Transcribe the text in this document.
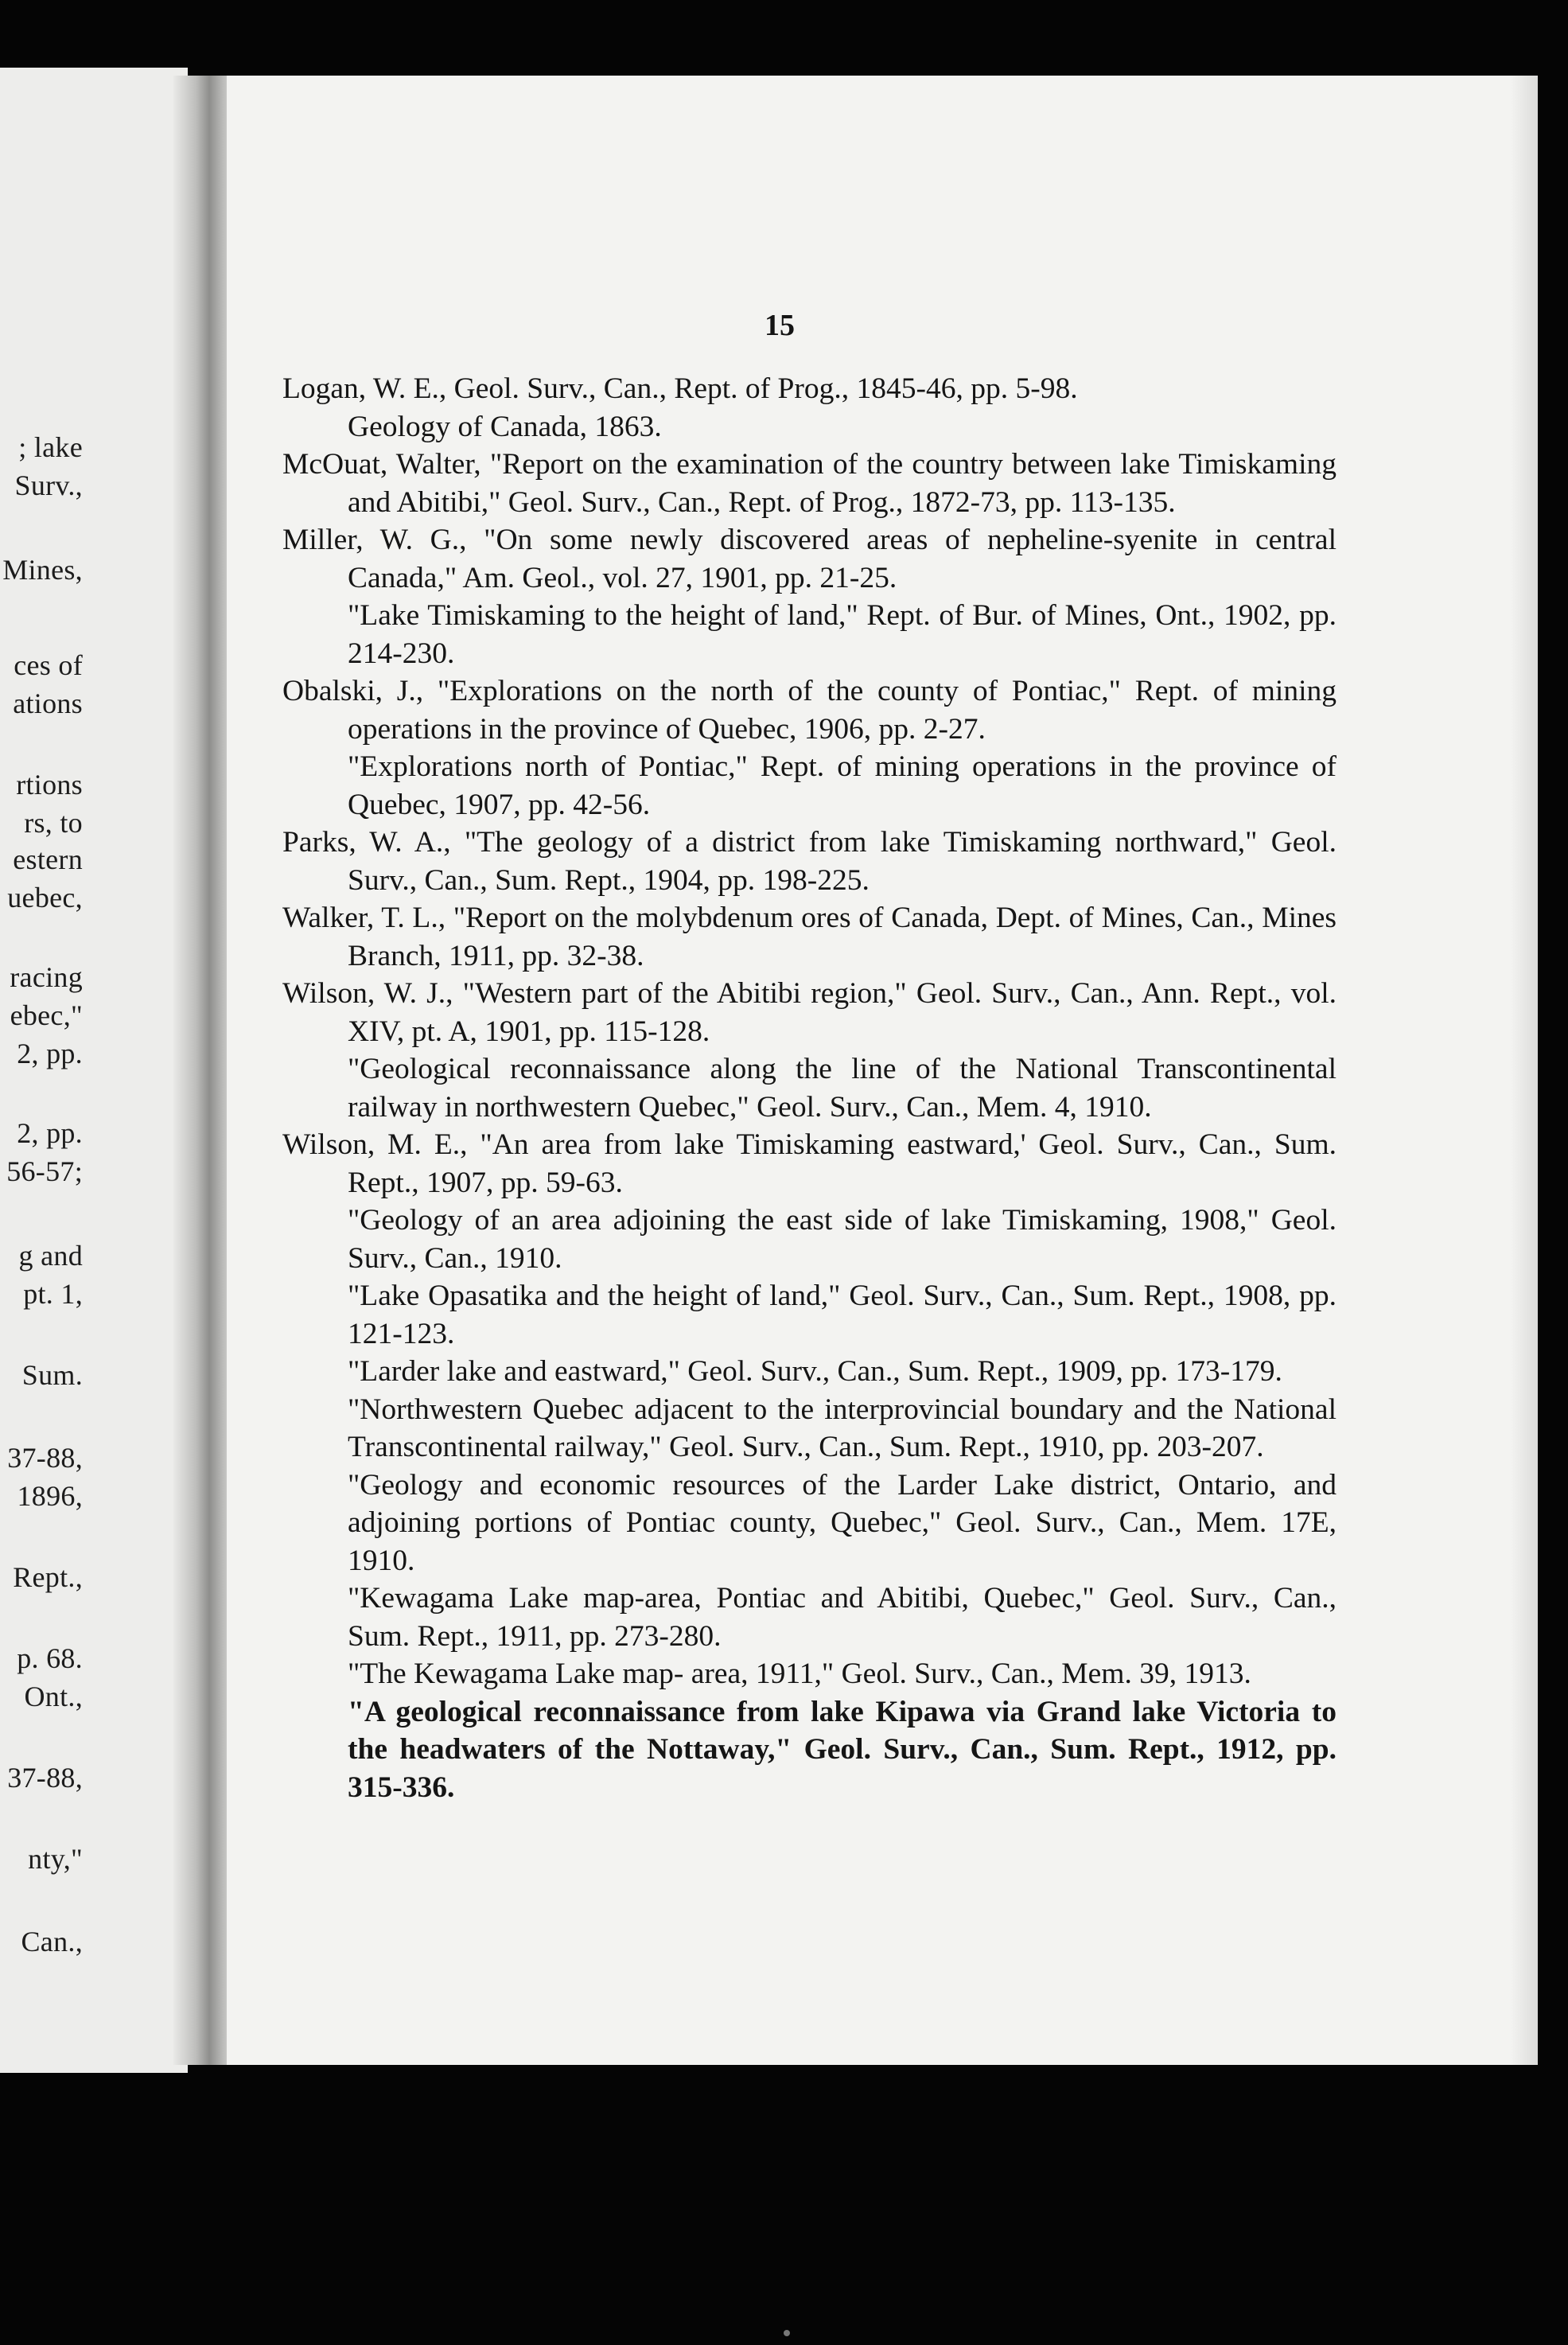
; lake
Surv.,
Mines,
ces of
ations
rtions
rs, to
estern
uebec,
racing
ebec,"
2, pp.
2, pp.
56-57;
g and
pt. 1,
Sum.
37-88,
1896,
Rept.,
p. 68.
Ont.,
37-88,
nty,"
Can.,
15
Logan, W. E., Geol. Surv., Can., Rept. of Prog., 1845-46, pp. 5-98.
Geology of Canada, 1863.
McOuat, Walter, "Report on the examination of the country between lake Timiskaming and Abitibi," Geol. Surv., Can., Rept. of Prog., 1872-73, pp. 113-135.
Miller, W. G., "On some newly discovered areas of nepheline-syenite in central Canada," Am. Geol., vol. 27, 1901, pp. 21-25.
"Lake Timiskaming to the height of land," Rept. of Bur. of Mines, Ont., 1902, pp. 214-230.
Obalski, J., "Explorations on the north of the county of Pontiac," Rept. of mining operations in the province of Quebec, 1906, pp. 2-27.
"Explorations north of Pontiac," Rept. of mining operations in the province of Quebec, 1907, pp. 42-56.
Parks, W. A., "The geology of a district from lake Timiskaming northward," Geol. Surv., Can., Sum. Rept., 1904, pp. 198-225.
Walker, T. L., "Report on the molybdenum ores of Canada, Dept. of Mines, Can., Mines Branch, 1911, pp. 32-38.
Wilson, W. J., "Western part of the Abitibi region," Geol. Surv., Can., Ann. Rept., vol. XIV, pt. A, 1901, pp. 115-128.
"Geological reconnaissance along the line of the National Transcontinental railway in northwestern Quebec," Geol. Surv., Can., Mem. 4, 1910.
Wilson, M. E., "An area from lake Timiskaming eastward,' Geol. Surv., Can., Sum. Rept., 1907, pp. 59-63.
"Geology of an area adjoining the east side of lake Timiskaming, 1908," Geol. Surv., Can., 1910.
"Lake Opasatika and the height of land," Geol. Surv., Can., Sum. Rept., 1908, pp. 121-123.
"Larder lake and eastward," Geol. Surv., Can., Sum. Rept., 1909, pp. 173-179.
"Northwestern Quebec adjacent to the interprovincial boundary and the National Transcontinental railway," Geol. Surv., Can., Sum. Rept., 1910, pp. 203-207.
"Geology and economic resources of the Larder Lake district, Ontario, and adjoining portions of Pontiac county, Quebec," Geol. Surv., Can., Mem. 17E, 1910.
"Kewagama Lake map-area, Pontiac and Abitibi, Quebec," Geol. Surv., Can., Sum. Rept., 1911, pp. 273-280.
"The Kewagama Lake map- area, 1911," Geol. Surv., Can., Mem. 39, 1913.
"A geological reconnaissance from lake Kipawa via Grand lake Victoria to the headwaters of the Nottaway," Geol. Surv., Can., Sum. Rept., 1912, pp. 315-336.
